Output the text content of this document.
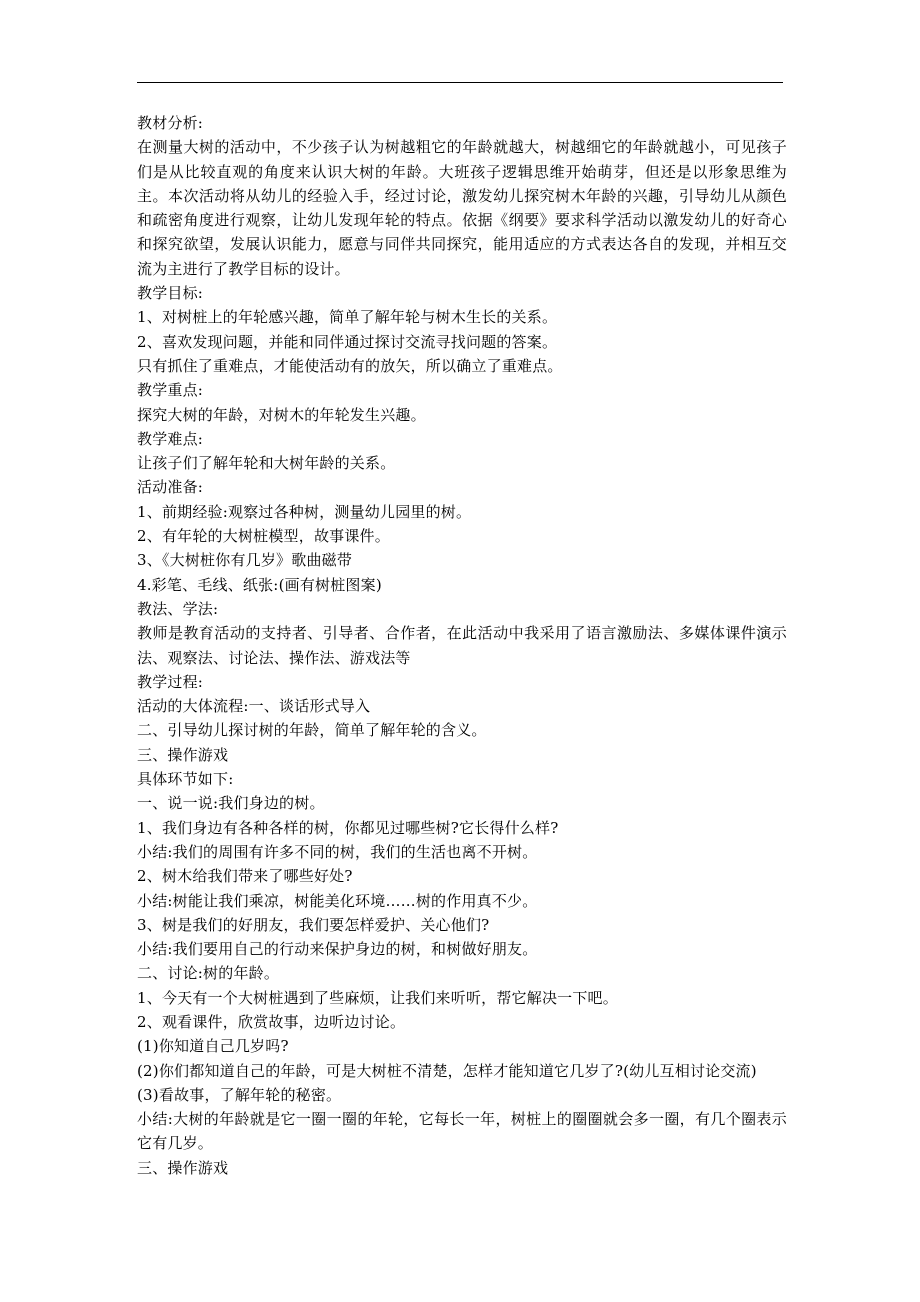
教材分析:
在测量大树的活动中，不少孩子认为树越粗它的年龄就越大，树越细它的年龄就越小，可见孩子们是从比较直观的角度来认识大树的年龄。大班孩子逻辑思维开始萌芽，但还是以形象思维为主。本次活动将从幼儿的经验入手，经过讨论，激发幼儿探究树木年龄的兴趣，引导幼儿从颜色和疏密角度进行观察，让幼儿发现年轮的特点。依据《纲要》要求科学活动以激发幼儿的好奇心和探究欲望，发展认识能力，愿意与同伴共同探究，能用适应的方式表达各自的发现，并相互交流为主进行了教学目标的设计。
教学目标:
1、对树桩上的年轮感兴趣，简单了解年轮与树木生长的关系。
2、喜欢发现问题，并能和同伴通过探讨交流寻找问题的答案。
只有抓住了重难点，才能使活动有的放矢，所以确立了重难点。
教学重点:
探究大树的年龄，对树木的年轮发生兴趣。
教学难点:
让孩子们了解年轮和大树年龄的关系。
活动准备:
1、前期经验:观察过各种树，测量幼儿园里的树。
2、有年轮的大树桩模型，故事课件。
3、《大树桩你有几岁》歌曲磁带
4.彩笔、毛线、纸张:(画有树桩图案)
教法、学法:
教师是教育活动的支持者、引导者、合作者，在此活动中我采用了语言激励法、多媒体课件演示法、观察法、讨论法、操作法、游戏法等
教学过程:
活动的大体流程:一、谈话形式导入
二、引导幼儿探讨树的年龄，简单了解年轮的含义。
三、操作游戏
具体环节如下:
一、说一说:我们身边的树。
1、我们身边有各种各样的树，你都见过哪些树?它长得什么样?
小结:我们的周围有许多不同的树，我们的生活也离不开树。
2、树木给我们带来了哪些好处?
小结:树能让我们乘凉，树能美化环境……树的作用真不少。
3、树是我们的好朋友，我们要怎样爱护、关心他们?
小结:我们要用自己的行动来保护身边的树，和树做好朋友。
二、讨论:树的年龄。
1、今天有一个大树桩遇到了些麻烦，让我们来听听，帮它解决一下吧。
2、观看课件，欣赏故事，边听边讨论。
(1)你知道自己几岁吗?
(2)你们都知道自己的年龄，可是大树桩不清楚，怎样才能知道它几岁了?(幼儿互相讨论交流)
(3)看故事，了解年轮的秘密。
小结:大树的年龄就是它一圈一圈的年轮，它每长一年，树桩上的圈圈就会多一圈，有几个圈表示它有几岁。
三、操作游戏
